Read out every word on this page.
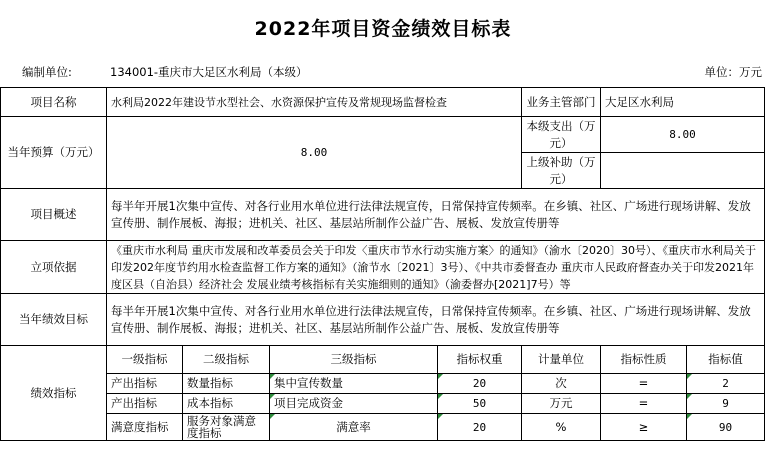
2022年项目资金绩效目标表
编制单位:	134001-重庆市大足区水利局（本级）	单位：万元
项目名称	水利局2022年建设节水型社会、水资源保护宣传及常规现场监督检查				业务主管部门	大足区水利局	
当年预算（万元）	8.00				本级支出（万元）	8.00	
					上级补助（万元）		
项目概述	每半年开展1次集中宣传、对各行业用水单位进行法律法规宣传，日常保持宣传频率。在乡镇、社区、广场进行现场讲解、发放宣传册、制作展板、海报；进机关、社区、基层站所制作公益广告、展板、发放宣传册等						
立项依据	《重庆市水利局 重庆市发展和改革委员会关于印发〈重庆市节水行动实施方案〉的通知》（渝水〔2020〕30号）、《重庆市水利局关于印发202年度节约用水检查监督工作方案的通知》（渝节水〔2021〕3号）、《中共市委督查办 重庆市人民政府督查办关于印发2021年度区县（自治县）经济社会 发展业绩考核指标有关实施细则的通知》（渝委督办[2021]7号）等						
当年绩效目标	每半年开展1次集中宣传、对各行业用水单位进行法律法规宣传，日常保持宣传频率。在乡镇、社区、广场进行现场讲解、发放宣传册、制作展板、海报；进机关、社区、基层站所制作公益广告、展板、发放宣传册等						
绩效指标	一级指标	二级指标	三级指标	指标权重	计量单位	指标性质	指标值
	产出指标	数量指标	集中宣传数量	20	次	=	2
	产出指标	成本指标	项目完成资金	50	万元	=	9
	满意度指标	服务对象满意度指标	满意率	20	%	≥	90
